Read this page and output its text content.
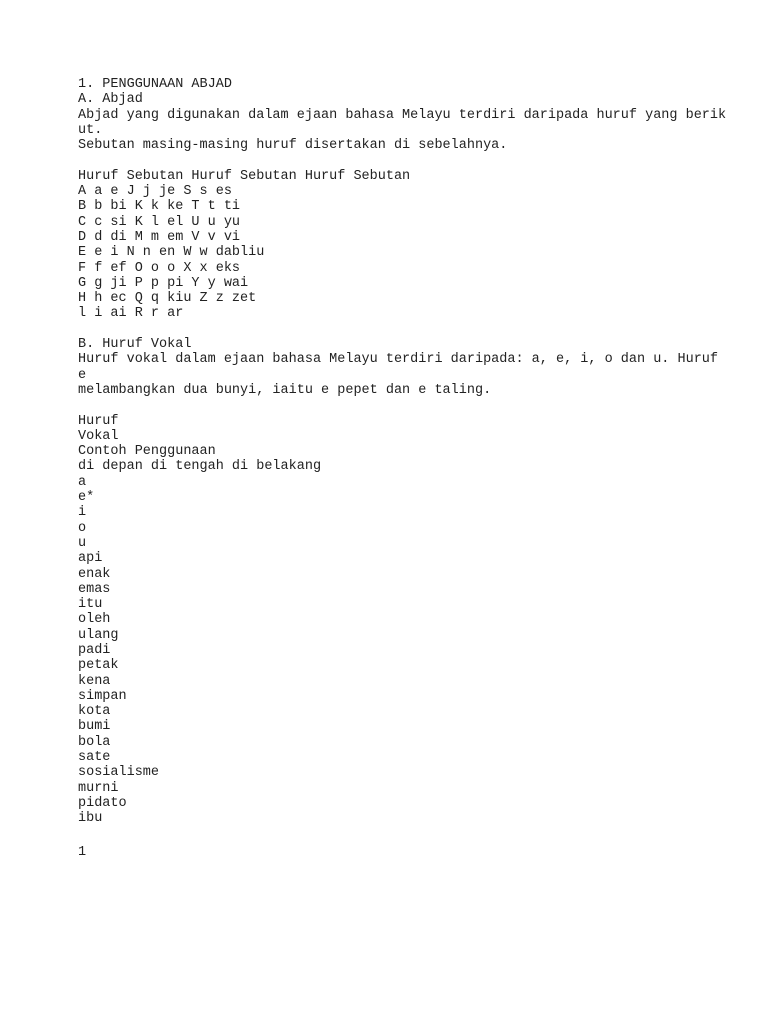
1. PENGGUNAAN ABJAD
A. Abjad
Abjad yang digunakan dalam ejaan bahasa Melayu terdiri daripada huruf yang berik
ut.
Sebutan masing-masing huruf disertakan di sebelahnya.
Huruf Sebutan Huruf Sebutan Huruf Sebutan
A a e J j je S s es
B b bi K k ke T t ti
C c si K l el U u yu
D d di M m em V v vi
E e i N n en W w dabliu
F f ef O o o X x eks
G g ji P p pi Y y wai
H h ec Q q kiu Z z zet
l i ai R r ar
B. Huruf Vokal
Huruf vokal dalam ejaan bahasa Melayu terdiri daripada: a, e, i, o dan u. Huruf
e
melambangkan dua bunyi, iaitu e pepet dan e taling.
Huruf
Vokal
Contoh Penggunaan
di depan di tengah di belakang
a
e*
i
o
u
api
enak
emas
itu
oleh
ulang
padi
petak
kena
simpan
kota
bumi
bola
sate
sosialisme
murni
pidato
ibu
1
